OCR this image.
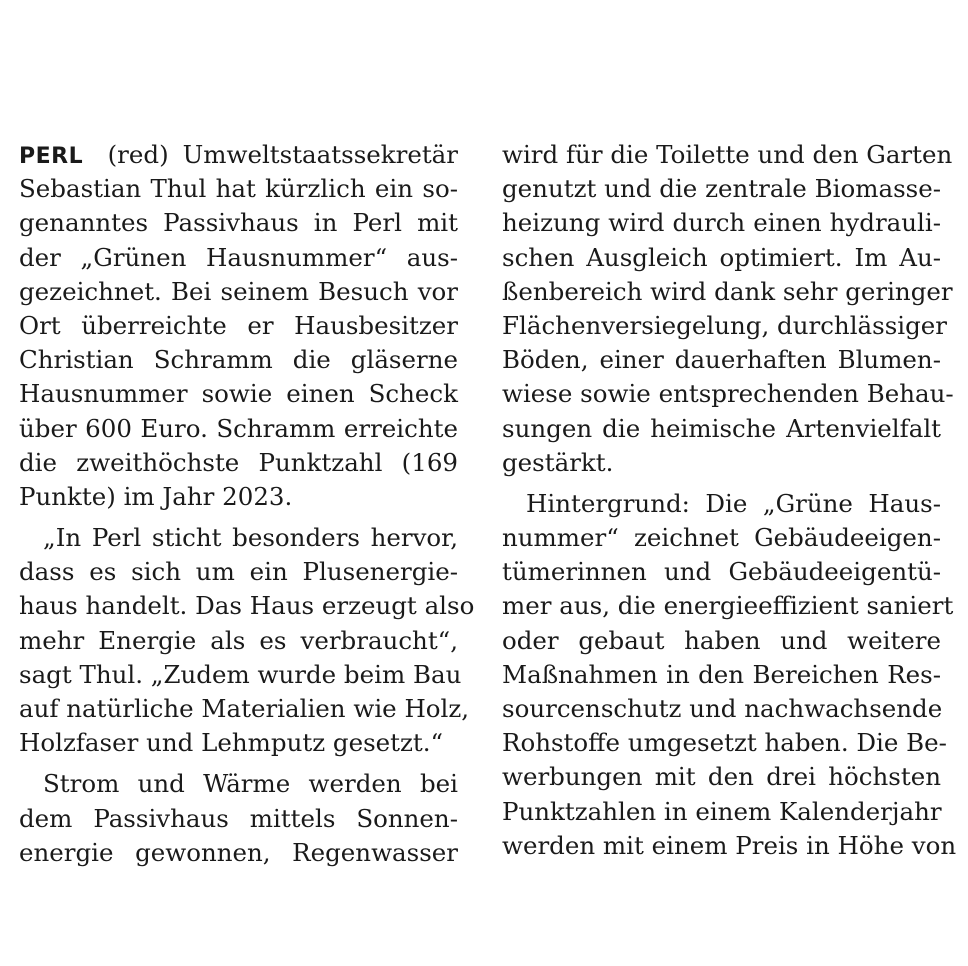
PERL  (red) Umweltstaatssekretär
Sebastian Thul hat kürzlich ein so-
genanntes Passivhaus in Perl mit
der „Grünen Hausnummer“ aus-
gezeichnet. Bei seinem Besuch vor
Ort überreichte er Hausbesitzer
Christian Schramm die gläserne
Hausnummer sowie einen Scheck
über 600 Euro. Schramm erreichte
die zweithöchste Punktzahl (169
Punkte) im Jahr 2023.
„In Perl sticht besonders hervor,
dass es sich um ein Plusenergie-
haus handelt. Das Haus erzeugt also
mehr Energie als es verbraucht“,
sagt Thul. „Zudem wurde beim Bau
auf natürliche Materialien wie Holz,
Holzfaser und Lehmputz gesetzt.“
Strom und Wärme werden bei
dem Passivhaus mittels Sonnen-
energie gewonnen, Regenwasser
wird für die Toilette und den Garten
genutzt und die zentrale Biomasse-
heizung wird durch einen hydrauli-
schen Ausgleich optimiert. Im Au-
ßenbereich wird dank sehr geringer
Flächenversiegelung, durchlässiger
Böden, einer dauerhaften Blumen-
wiese sowie entsprechenden Behau-
sungen die heimische Artenvielfalt
gestärkt.
Hintergrund: Die „Grüne Haus-
nummer“ zeichnet Gebäudeeigen-
tümerinnen und Gebäudeeigentü-
mer aus, die energieeffizient saniert
oder gebaut haben und weitere
Maßnahmen in den Bereichen Res-
sourcenschutz und nachwachsende
Rohstoffe umgesetzt haben. Die Be-
werbungen mit den drei höchsten
Punktzahlen in einem Kalenderjahr
werden mit einem Preis in Höhe von
